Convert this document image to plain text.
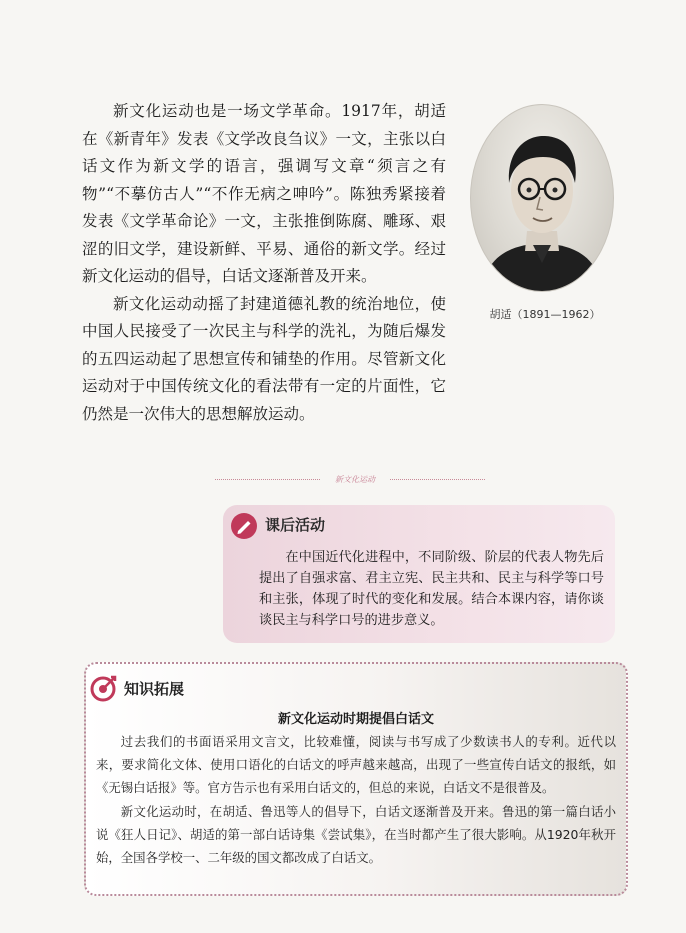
新文化运动也是一场文学革命。1917年，胡适在《新青年》发表《文学改良刍议》一文，主张以白话文作为新文学的语言，强调写文章“须言之有物”“不摹仿古人”“不作无病之呻吟”。陈独秀紧接着发表《文学革命论》一文，主张推倒陈腐、雕琢、艰涩的旧文学，建设新鲜、平易、通俗的新文学。经过新文化运动的倡导，白话文逐渐普及开来。

新文化运动动摇了封建道德礼教的统治地位，使中国人民接受了一次民主与科学的洗礼，为随后爆发的五四运动起了思想宣传和铺垫的作用。尽管新文化运动对于中国传统文化的看法带有一定的片面性，它仍然是一次伟大的思想解放运动。

胡适（1891—1962）
新文化运动
课后活动

在中国近代化进程中，不同阶级、阶层的代表人物先后提出了自强求富、君主立宪、民主共和、民主与科学等口号和主张，体现了时代的变化和发展。结合本课内容，请你谈谈民主与科学口号的进步意义。

知识拓展
新文化运动时期提倡白话文

过去我们的书面语采用文言文，比较难懂，阅读与书写成了少数读书人的专利。近代以来，要求简化文体、使用口语化的白话文的呼声越来越高，出现了一些宣传白话文的报纸，如《无锡白话报》等。官方告示也有采用白话文的，但总的来说，白话文不是很普及。

新文化运动时，在胡适、鲁迅等人的倡导下，白话文逐渐普及开来。鲁迅的第一篇白话小说《狂人日记》、胡适的第一部白话诗集《尝试集》，在当时都产生了很大影响。从1920年秋开始，全国各学校一、二年级的国文都改成了白话文。
